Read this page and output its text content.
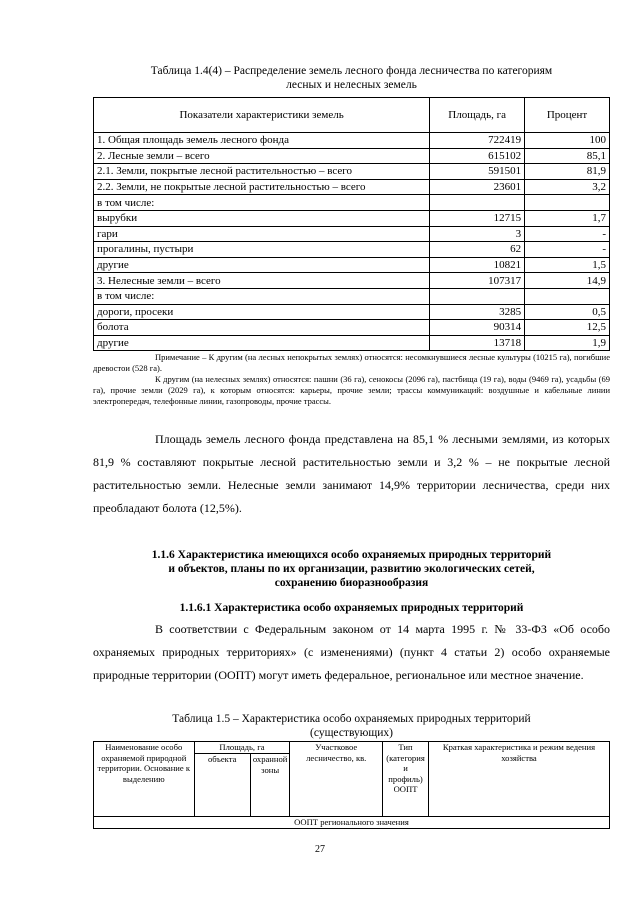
Таблица 1.4(4) – Распределение земель лесного фонда лесничества по категориям
лесных и нелесных земель
Показатели характеристики земель	Площадь, га	Процент
1. Общая площадь земель лесного фонда	722419	100
2. Лесные земли – всего	615102	85,1
2.1. Земли, покрытые лесной растительностью – всего	591501	81,9
2.2. Земли, не покрытые лесной растительностью – всего	23601	3,2
в том числе:		
вырубки	12715	1,7
гари	3	-
прогалины, пустыри	62	-
другие	10821	1,5
3. Нелесные земли – всего	107317	14,9
в том числе:		
дороги, просеки	3285	0,5
болота	90314	12,5
другие	13718	1,9
Примечание – К другим (на лесных непокрытых землях) относятся: несомкнувшиеся лесные культуры (10215 га), погибшие древостои (528 га).
К другим (на нелесных землях) относятся: пашни (36 га), сенокосы (2096 га), пастбища (19 га), воды (9469 га), усадьбы (69 га), прочие земли (2029 га), к которым относятся: карьеры, прочие земли; трассы коммуникаций: воздушные и кабельные линии электропередач, телефонные линии, газопроводы, прочие трассы.
Площадь земель лесного фонда представлена на 85,1 % лесными землями, из которых 81,9 % составляют покрытые лесной растительностью земли и 3,2 % – не покрытые лесной растительностью земли. Нелесные земли занимают 14,9% территории лесничества, среди них преобладают болота (12,5%).
1.1.6 Характеристика имеющихся особо охраняемых природных территорий
и объектов, планы по их организации, развитию экологических сетей,
сохранению биоразнообразия
1.1.6.1 Характеристика особо охраняемых природных территорий
В соответствии с Федеральным законом от 14 марта 1995 г. № 33-ФЗ «Об особо охраняемых природных территориях» (с изменениями) (пункт 4 статьи 2) особо охраняемые природные территории (ООПТ) могут иметь федеральное, региональное или местное значение.
Таблица 1.5 – Характеристика особо охраняемых природных территорий
(существующих)
Наименование особо охраняемой природной территории. Основание к выделению	Площадь, га		Участковое лесничество, кв.	Тип (категория и профиль) ООПТ	Краткая характеристика и режим ведения хозяйства
	объекта	охранной зоны			
ООПТ регионального значения					
27
